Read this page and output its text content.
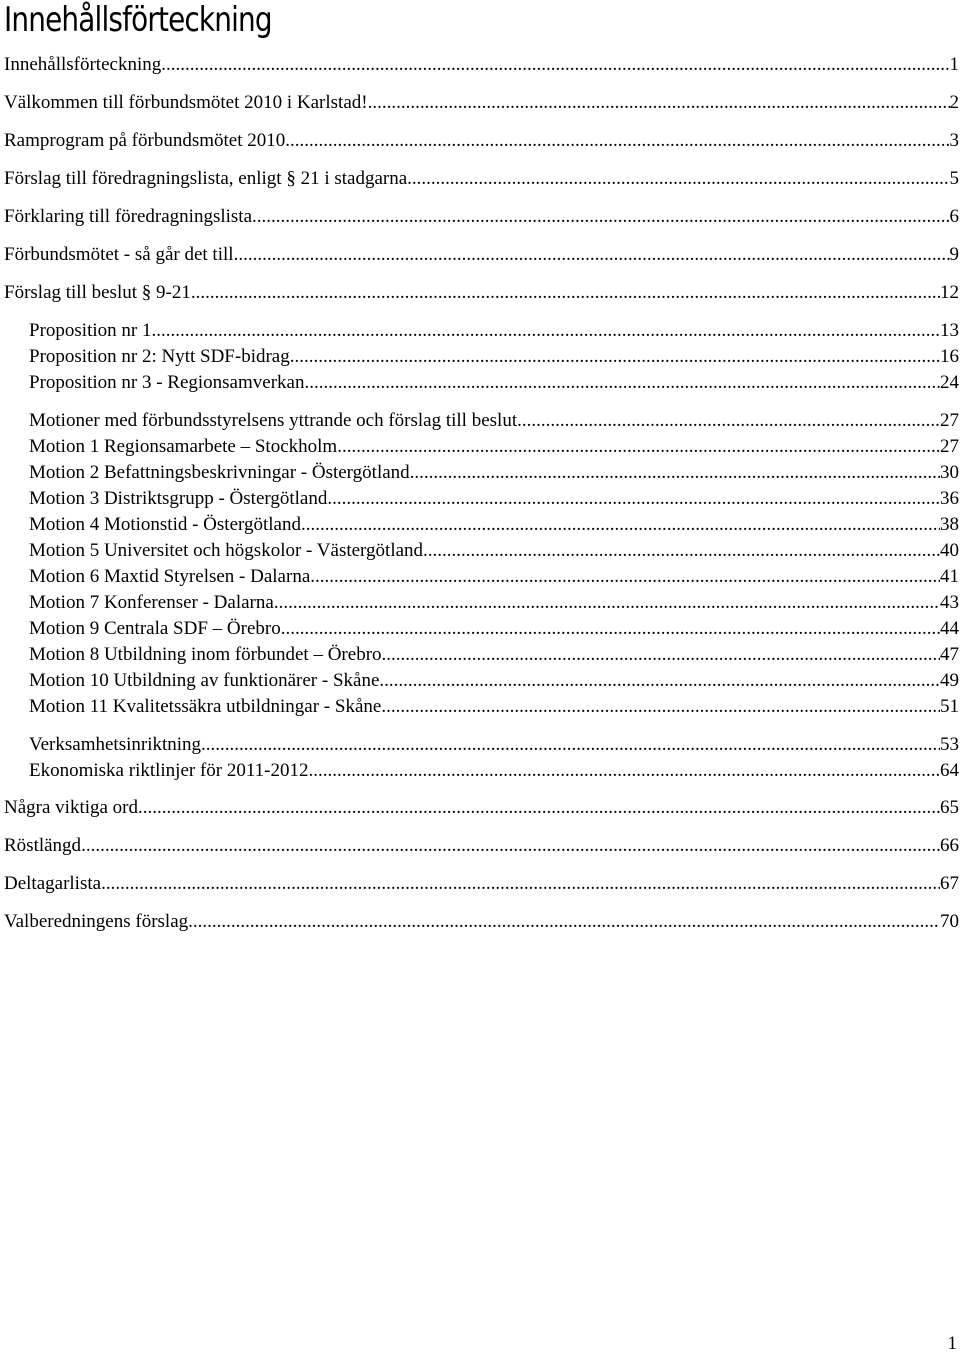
Innehållsförteckning
Innehållsförteckning .....	1
Välkommen till förbundsmötet 2010 i Karlstad! .....	2
Ramprogram på förbundsmötet 2010 .....	3
Förslag till föredragningslista, enligt § 21 i stadgarna .....	5
Förklaring till föredragningslista .....	6
Förbundsmötet - så går det till .....	9
Förslag till beslut § 9-21 .....	12
Proposition nr 1 .....	13
Proposition nr 2: Nytt SDF-bidrag .....	16
Proposition nr 3 - Regionsamverkan .....	24
Motioner med förbundsstyrelsens yttrande och förslag till beslut .....	27
Motion 1 Regionsamarbete – Stockholm .....	27
Motion 2 Befattningsbeskrivningar - Östergötland .....	30
Motion 3 Distriktsgrupp - Östergötland .....	36
Motion 4 Motionstid - Östergötland .....	38
Motion 5 Universitet och högskolor - Västergötland .....	40
Motion 6 Maxtid Styrelsen - Dalarna .....	41
Motion 7 Konferenser - Dalarna .....	43
Motion 9 Centrala SDF – Örebro .....	44
Motion 8 Utbildning inom förbundet – Örebro .....	47
Motion 10 Utbildning av funktionärer - Skåne .....	49
Motion 11 Kvalitetssäkra utbildningar - Skåne .....	51
Verksamhetsinriktning .....	53
Ekonomiska riktlinjer för 2011-2012 .....	64
Några viktiga ord .....	65
Röstlängd .....	66
Deltagarlista .....	67
Valberedningens förslag .....	70
1
